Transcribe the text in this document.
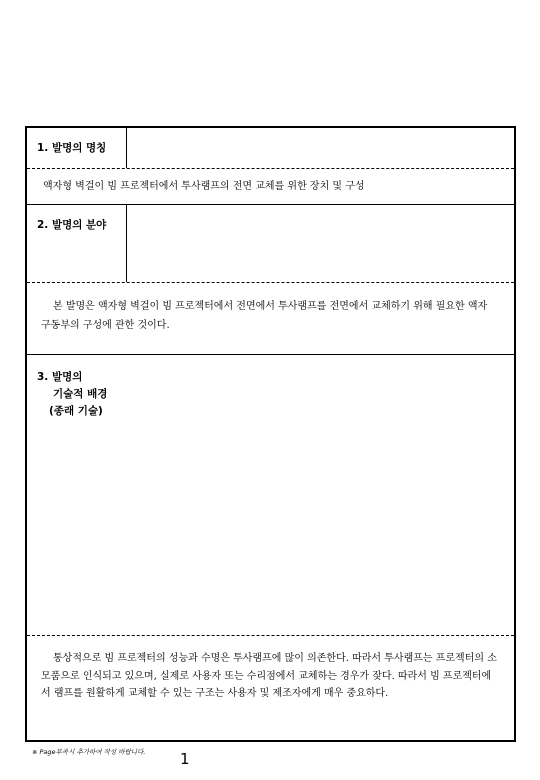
1. 발명의 명칭
액자형 벽걸이 빔 프로젝터에서 투사램프의 전면 교체를 위한 장치 및 구성
2. 발명의 분야
본 발명은 액자형 벽걸이 빔 프로젝터에서 전면에서 투사램프를 전면에서 교체하기 위해 필요한 액자 구동부의 구성에 관한 것이다.
3. 발명의
기술적 배경
(종래 기술)
통상적으로 빔 프로젝터의 성능과 수명은 투사램프에 많이 의존한다. 따라서 투사램프는 프로젝터의 소모품으로 인식되고 있으며, 실제로 사용자 또는 수리점에서 교체하는 경우가 잦다. 따라서 빔 프로젝터에서 램프를 원활하게 교체할 수 있는 구조는 사용자 및 제조자에게 매우 중요하다.
※ Page부족시 추가하여 작성 바랍니다. 1
